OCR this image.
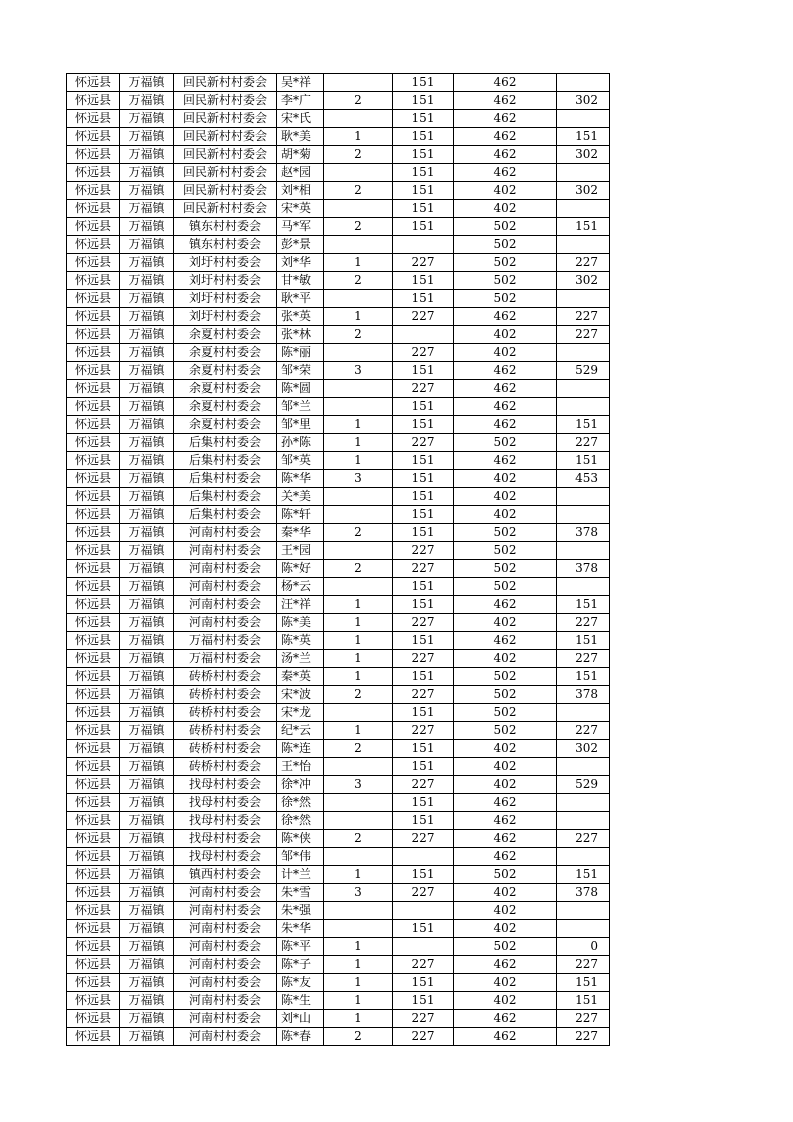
怀远县	万福镇	回民新村村委会	吴*祥		151	462	
怀远县	万福镇	回民新村村委会	李*广	2	151	462	302
怀远县	万福镇	回民新村村委会	宋*氏		151	462	
怀远县	万福镇	回民新村村委会	耿*美	1	151	462	151
怀远县	万福镇	回民新村村委会	胡*菊	2	151	462	302
怀远县	万福镇	回民新村村委会	赵*园		151	462	
怀远县	万福镇	回民新村村委会	刘*相	2	151	402	302
怀远县	万福镇	回民新村村委会	宋*英		151	402	
怀远县	万福镇	镇东村村委会	马*军	2	151	502	151
怀远县	万福镇	镇东村村委会	彭*景			502	
怀远县	万福镇	刘圩村村委会	刘*华	1	227	502	227
怀远县	万福镇	刘圩村村委会	甘*敏	2	151	502	302
怀远县	万福镇	刘圩村村委会	耿*平		151	502	
怀远县	万福镇	刘圩村村委会	张*英	1	227	462	227
怀远县	万福镇	余夏村村委会	张*林	2		402	227
怀远县	万福镇	余夏村村委会	陈*丽		227	402	
怀远县	万福镇	余夏村村委会	邹*荣	3	151	462	529
怀远县	万福镇	余夏村村委会	陈*圆		227	462	
怀远县	万福镇	余夏村村委会	邹*兰		151	462	
怀远县	万福镇	余夏村村委会	邹*里	1	151	462	151
怀远县	万福镇	后集村村委会	孙*陈	1	227	502	227
怀远县	万福镇	后集村村委会	邹*英	1	151	462	151
怀远县	万福镇	后集村村委会	陈*华	3	151	402	453
怀远县	万福镇	后集村村委会	关*美		151	402	
怀远县	万福镇	后集村村委会	陈*轩		151	402	
怀远县	万福镇	河南村村委会	秦*华	2	151	502	378
怀远县	万福镇	河南村村委会	王*园		227	502	
怀远县	万福镇	河南村村委会	陈*好	2	227	502	378
怀远县	万福镇	河南村村委会	杨*云		151	502	
怀远县	万福镇	河南村村委会	汪*祥	1	151	462	151
怀远县	万福镇	河南村村委会	陈*美	1	227	402	227
怀远县	万福镇	万福村村委会	陈*英	1	151	462	151
怀远县	万福镇	万福村村委会	汤*兰	1	227	402	227
怀远县	万福镇	砖桥村村委会	秦*英	1	151	502	151
怀远县	万福镇	砖桥村村委会	宋*波	2	227	502	378
怀远县	万福镇	砖桥村村委会	宋*龙		151	502	
怀远县	万福镇	砖桥村村委会	纪*云	1	227	502	227
怀远县	万福镇	砖桥村村委会	陈*连	2	151	402	302
怀远县	万福镇	砖桥村村委会	王*怡		151	402	
怀远县	万福镇	找母村村委会	徐*冲	3	227	402	529
怀远县	万福镇	找母村村委会	徐*然		151	462	
怀远县	万福镇	找母村村委会	徐*然		151	462	
怀远县	万福镇	找母村村委会	陈*侠	2	227	462	227
怀远县	万福镇	找母村村委会	邹*伟			462	
怀远县	万福镇	镇西村村委会	计*兰	1	151	502	151
怀远县	万福镇	河南村村委会	朱*雪	3	227	402	378
怀远县	万福镇	河南村村委会	朱*强			402	
怀远县	万福镇	河南村村委会	朱*华		151	402	
怀远县	万福镇	河南村村委会	陈*平	1		502	0
怀远县	万福镇	河南村村委会	陈*子	1	227	462	227
怀远县	万福镇	河南村村委会	陈*友	1	151	402	151
怀远县	万福镇	河南村村委会	陈*生	1	151	402	151
怀远县	万福镇	河南村村委会	刘*山	1	227	462	227
怀远县	万福镇	河南村村委会	陈*春	2	227	462	227
